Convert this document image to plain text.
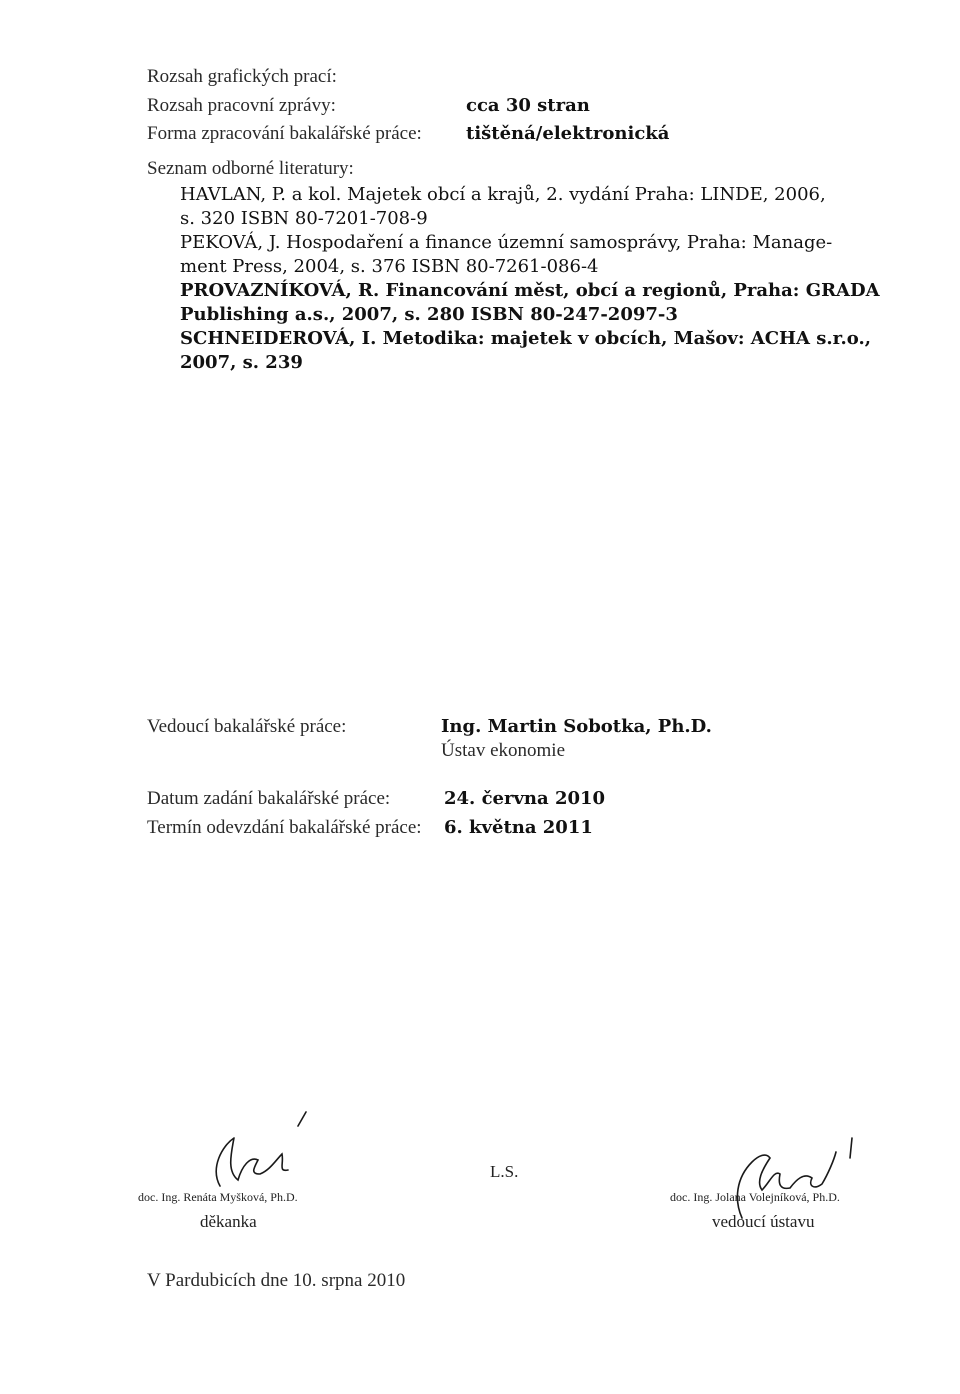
Rozsah grafických prací:
Rozsah pracovní zprávy:	cca 30 stran
Forma zpracování bakalářské práce: tištěná/elektronická
Seznam odborné literatury:
HAVLAN, P. a kol. Majetek obcí a krajů, 2. vydání Praha: LINDE, 2006,
s. 320 ISBN 80-7201-708-9
PEKOVÁ, J. Hospodaření a finance územní samosprávy, Praha: Manage-
ment Press, 2004, s. 376 ISBN 80-7261-086-4
PROVAZNÍKOVÁ, R. Financování měst, obcí a regionů, Praha: GRADA
Publishing a.s., 2007, s. 280 ISBN 80-247-2097-3
SCHNEIDEROVÁ, I. Metodika: majetek v obcích, Mašov: ACHA s.r.o.,
2007, s. 239
Vedoucí bakalářské práce:	Ing. Martin Sobotka, Ph.D.
Ústav ekonomie
Datum zadání bakalářské práce:	24. června 2010
Termín odevzdání bakalářské práce: 6. května 2011
doc. Ing. Renáta Myšková, Ph.D.
děkanka
L.S.
doc. Ing. Jolana Volejníková, Ph.D.
vedoucí ústavu
V Pardubicích dne 10. srpna 2010
